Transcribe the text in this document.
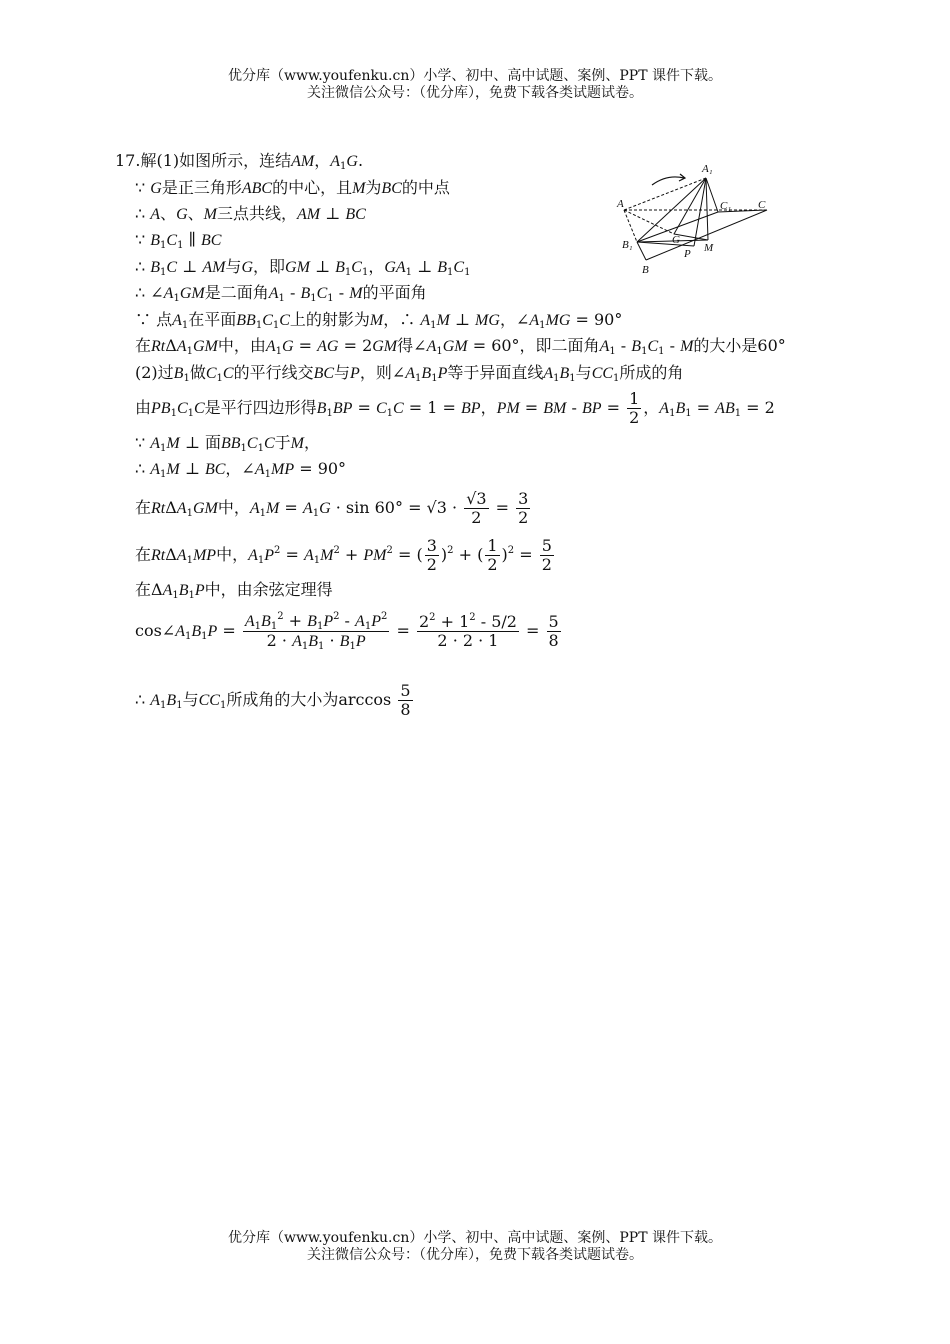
优分库（www.youfenku.cn）小学、初中、高中试题、案例、PPT 课件下载。
关注微信公众号：（优分库），免费下载各类试题试卷。
17.解(1)如图所示，连结AM，$A_1G$.
∵ G是正三角形ABC的中心，且M为BC的中点
∴ A、G、M三点共线，AM ⊥ BC
∵ $B_1C_1$ ∥ BC
∴ $B_1C$ ⊥ AM与G，即GM ⊥ $B_1C_1$，$GA_1$ ⊥ $B_1C_1$
∴ $\angle A_1GM$是二面角$A_1 - B_1C_1$ - M的平面角
∵ 点$A_1$在平面$BB_1C_1C$上的射影为M，∴ $A_1M$ ⊥ MG，$\angle A_1MG = 90^\circ$
在RtΔA$_1$GM中，由$A_1G$ = AG = 2GM得$\angle A_1GM = 60^\circ$，即二面角$A_1 - B_1C_1$ - M的大小是60°
(2)过$B_1$做$C_1C$的平行线交BC与P，则$\angle A_1B_1P$等于异面直线$A_1B_1$与$CC_1$所成的角
由$PB_1C_1C$是平行四边形得$B_1BP = C_1C = 1$ = BP，PM = BM - BP = $\frac{1}{2}$ ，$A_1B_1 = AB_1 = 2$
∵ $A_1M$ ⊥ 面$BB_1C_1C$于M，
∴ $A_1M$ ⊥ BC，$\angle A_1MP = 90^\circ$
在RtΔA$_1$GM中，$A_1M = A_1G \cdot \sin 60^\circ = √3 \cdot \frac{√3}{2} = \frac{3}{2}$
在RtΔA$_1$MP中，$A_1P^2 = A_1M^2 + PM^2$ = ( $\frac{3}{2} )^2$ + ( $\frac{1}{2} )^2 = \frac{5}{2}$
在$\Delta A_1B_1P$中，由余弦定理得
$\cos\angle A_1B_1P = \frac{A_1B_1^2 + B_1P^2 - A_1P^2}{2 \cdot A_1B_1 \cdot B_1P} = \frac{2^2 + 1^2 - 5/2}{2 \cdot 2 \cdot 1} = \frac{5}{8}$
∴ $A_1B_1$与$CC_1$所成角的大小为$\arccos \frac{5}{8}$
A₁
A	C₁ C
B₁	G
P M
B
优分库（www.youfenku.cn）小学、初中、高中试题、案例、PPT 课件下载。
关注微信公众号：（优分库），免费下载各类试题试卷。
